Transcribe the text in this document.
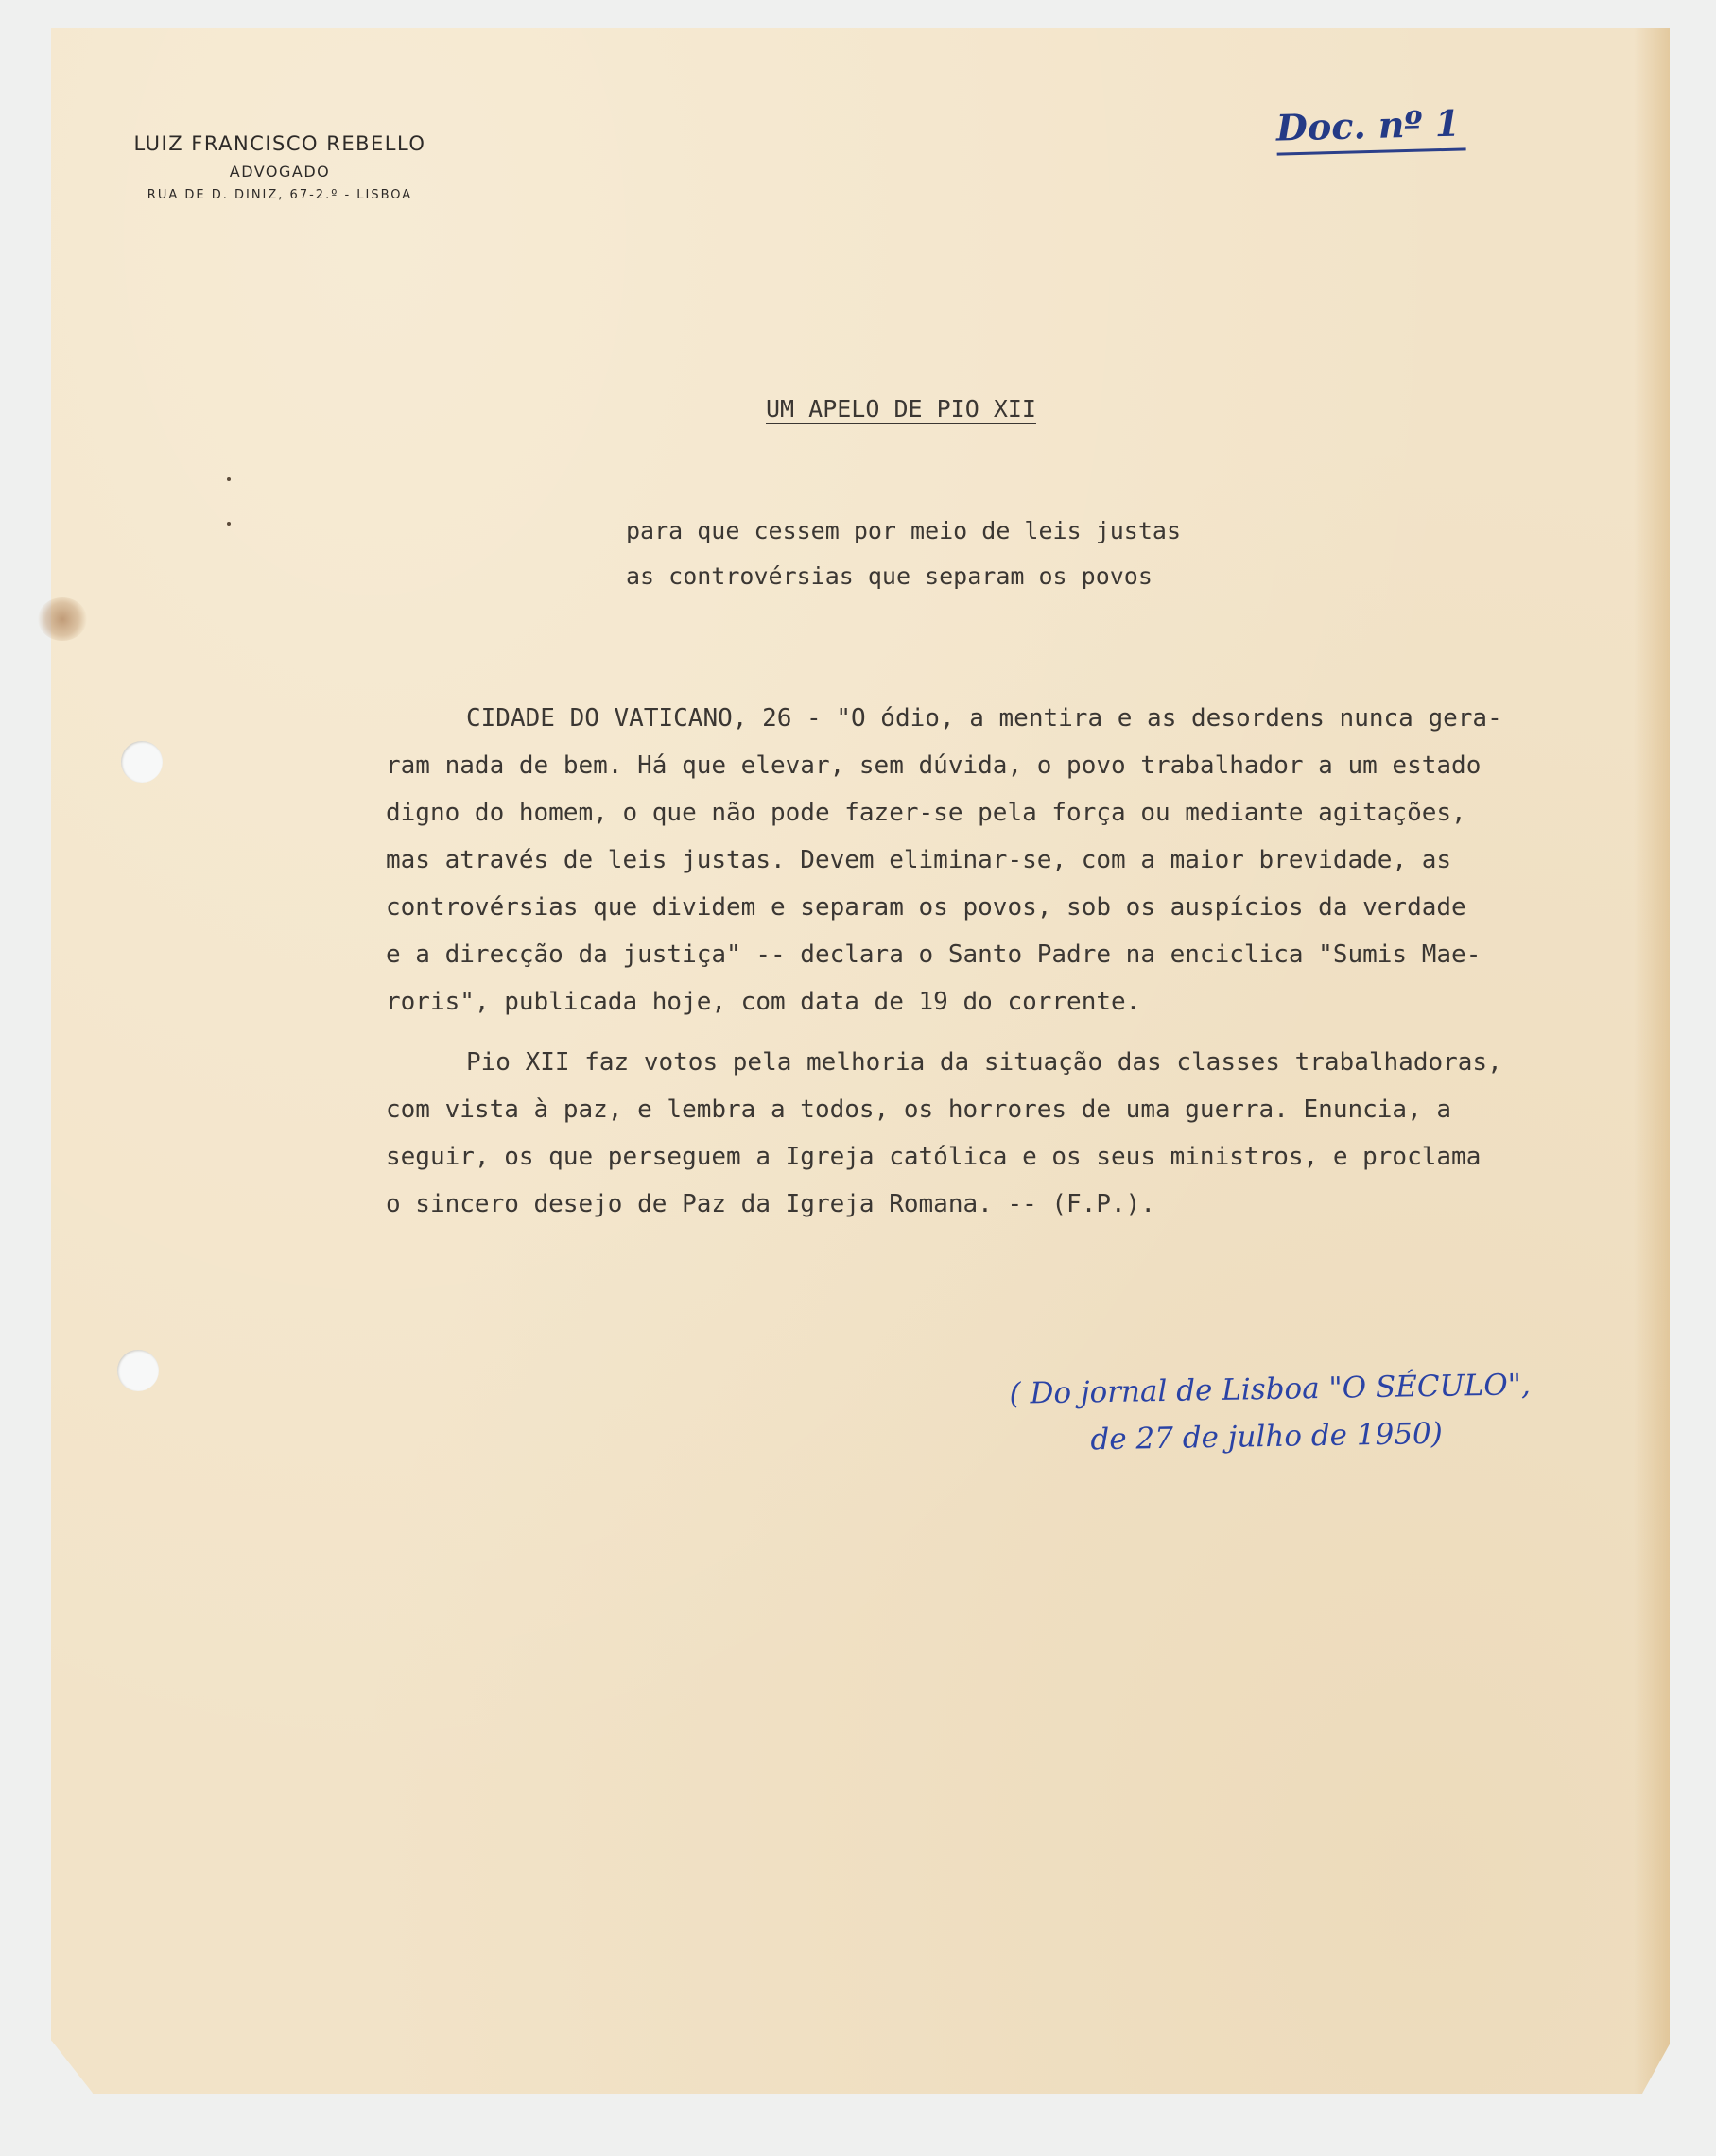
LUIZ FRANCISCO REBELLO
ADVOGADO
RUA DE D. DINIZ, 67-2.º - LISBOA
Doc. nº 1
UM APELO DE PIO XII
para que cessem por meio de leis justas
as controvérsias que separam os povos
CIDADE DO VATICANO, 26 - "O ódio, a mentira e as desordens nunca gera-
ram nada de bem. Há que elevar, sem dúvida, o povo trabalhador a um estado
digno do homem, o que não pode fazer-se pela força ou mediante agitações,
mas através de leis justas. Devem eliminar-se, com a maior brevidade, as
controvérsias que dividem e separam os povos, sob os auspícios da verdade
e a direcção da justiça" -- declara o Santo Padre na enciclica "Sumis Mae-
roris", publicada hoje, com data de 19 do corrente.
Pio XII faz votos pela melhoria da situação das classes trabalhadoras,
com vista à paz, e lembra a todos, os horrores de uma guerra. Enuncia, a
seguir, os que perseguem a Igreja católica e os seus ministros, e proclama
o sincero desejo de Paz da Igreja Romana. -- (F.P.).
( Do jornal de Lisboa "O SÉCULO",
de 27 de julho de 1950)
